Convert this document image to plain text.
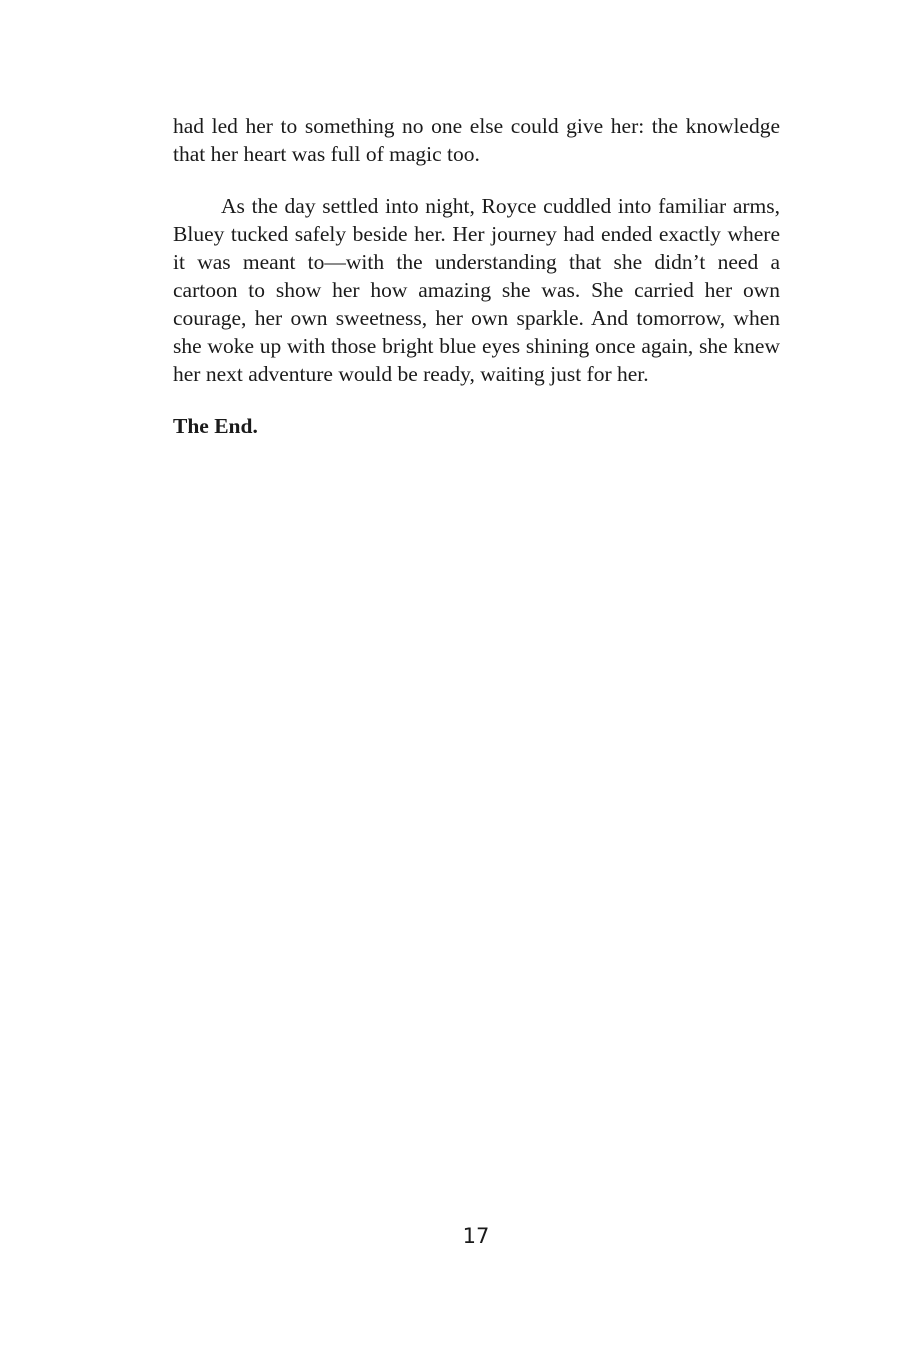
had led her to something no one else could give her: the knowledge that her heart was full of magic too.

As the day settled into night, Royce cuddled into familiar arms, Bluey tucked safely beside her. Her journey had ended exactly where it was meant to—with the understanding that she didn’t need a cartoon to show her how amazing she was. She carried her own courage, her own sweetness, her own sparkle. And tomorrow, when she woke up with those bright blue eyes shining once again, she knew her next adventure would be ready, waiting just for her.

The End.

17
